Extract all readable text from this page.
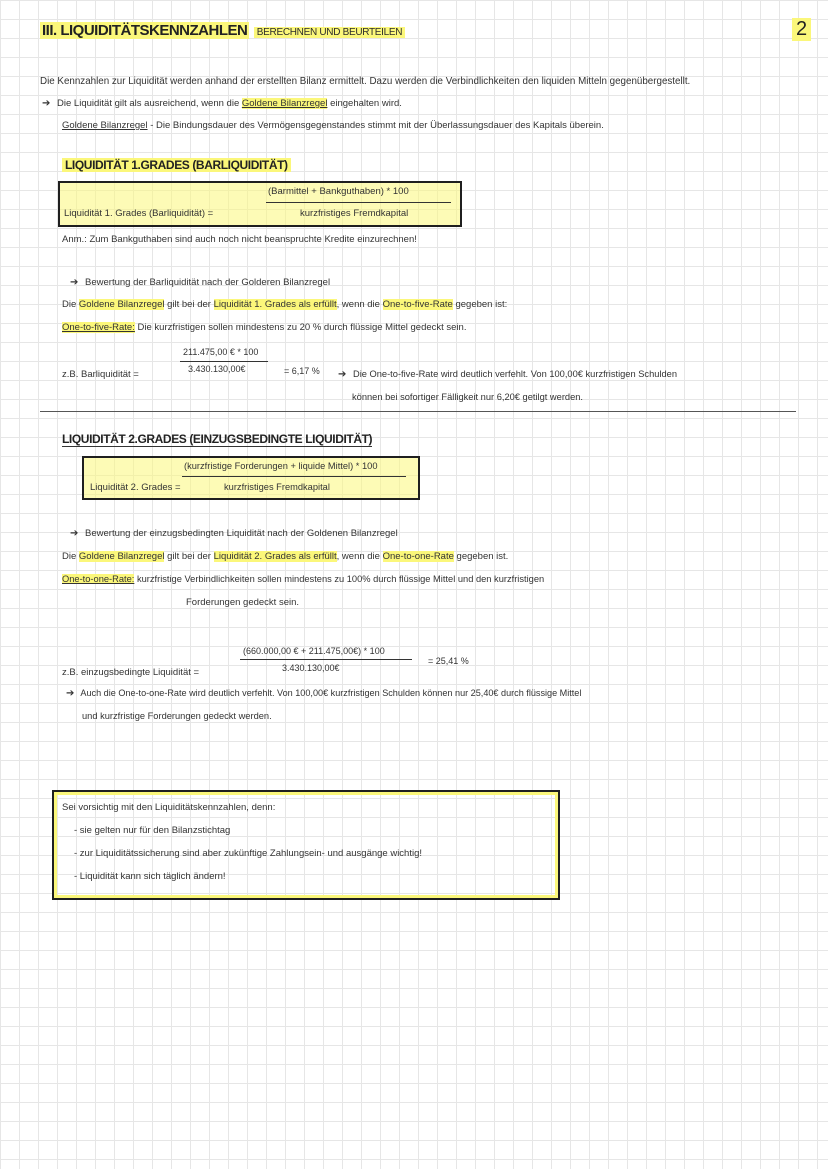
III. LIQUIDITÄTSKENNZAHLEN BERECHNEN UND BEURTEILEN	2
Die Kennzahlen zur Liquidität werden anhand der erstellten Bilanz ermittelt. Dazu werden die Verbindlichkeiten den liquiden Mitteln gegenübergestellt.
➔ Die Liquidität gilt als ausreichend, wenn die Goldene Bilanzregel eingehalten wird.
Goldene Bilanzregel - Die Bindungsdauer des Vermögensgegenstandes stimmt mit der Überlassungsdauer des Kapitals überein.
LIQUIDITÄT 1.GRADES (BARLIQUIDITÄT)
(Barmittel + Bankguthaben) * 100
Liquidität 1. Grades (Barliquidität) =	kurzfristiges Fremdkapital
Anm.: Zum Bankguthaben sind auch noch nicht beanspruchte Kredite einzurechnen!
➔ Bewertung der Barliquidität nach der Golderen Bilanzregel
Die Goldene Bilanzregel gilt bei der Liquidität 1. Grades als erfüllt, wenn die One-to-five-Rate gegeben ist:
One-to-five-Rate: Die kurzfristigen sollen mindestens zu 20 % durch flüssige Mittel gedeckt sein.
211.475,00 € * 100
z.B. Barliquidität =	3.430.130,00€	= 6,17 % ➔ Die One-to-five-Rate wird deutlich verfehlt. Von 100,00€ kurzfristigen Schulden
können bei sofortiger Fälligkeit nur 6,20€ getilgt werden.
LIQUIDITÄT 2.GRADES (EINZUGSBEDINGTE LIQUIDITÄT)
(kurzfristige Forderungen + liquide Mittel) * 100
Liquidität 2. Grades =	kurzfristiges Fremdkapital
➔ Bewertung der einzugsbedingten Liquidität nach der Goldenen Bilanzregel
Die Goldene Bilanzregel gilt bei der Liquidität 2. Grades als erfüllt, wenn die One-to-one-Rate gegeben ist.
One-to-one-Rate: kurzfristige Verbindlichkeiten sollen mindestens zu 100% durch flüssige Mittel und den kurzfristigen
Forderungen gedeckt sein.
(660.000,00 € + 211.475,00€) * 100
z.B. einzugsbedingte Liquidität =	3.430.130,00€
= 25,41 %
➔ Auch die One-to-one-Rate wird deutlich verfehlt. Von 100,00€ kurzfristigen Schulden können nur 25,40€ durch flüssige Mittel
und kurzfristige Forderungen gedeckt werden.
Sei vorsichtig mit den Liquiditätskennzahlen, denn:
- sie gelten nur für den Bilanzstichtag
- zur Liquiditätssicherung sind aber zukünftige Zahlungsein- und ausgänge wichtig!
- Liquidität kann sich täglich ändern!
